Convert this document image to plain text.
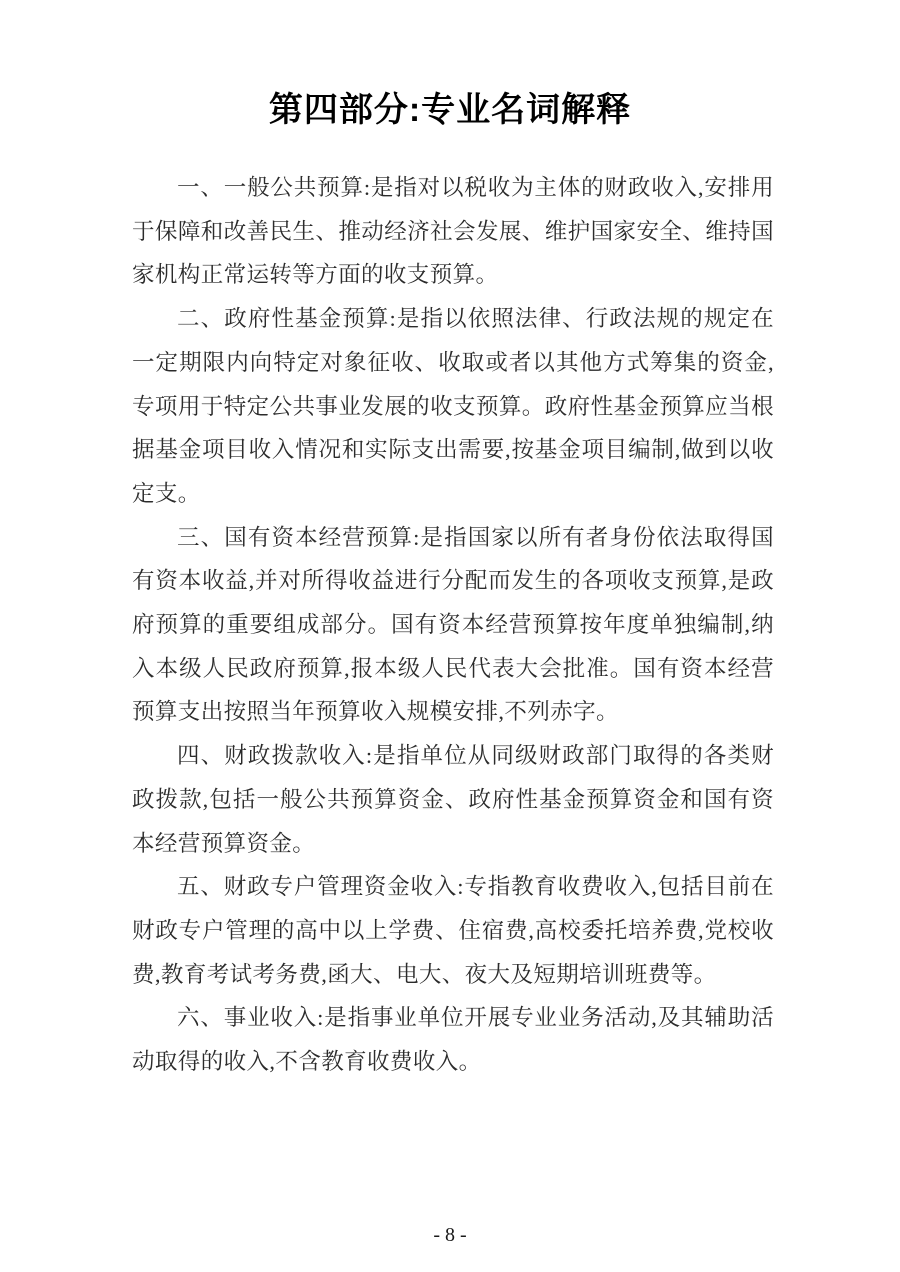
第四部分:专业名词解释

一、一般公共预算:是指对以税收为主体的财政收入,安排用于保障和改善民生、推动经济社会发展、维护国家安全、维持国家机构正常运转等方面的收支预算。

二、政府性基金预算:是指以依照法律、行政法规的规定在一定期限内向特定对象征收、收取或者以其他方式筹集的资金,专项用于特定公共事业发展的收支预算。政府性基金预算应当根据基金项目收入情况和实际支出需要,按基金项目编制,做到以收定支。

三、国有资本经营预算:是指国家以所有者身份依法取得国有资本收益,并对所得收益进行分配而发生的各项收支预算,是政府预算的重要组成部分。国有资本经营预算按年度单独编制,纳入本级人民政府预算,报本级人民代表大会批准。国有资本经营预算支出按照当年预算收入规模安排,不列赤字。

四、财政拨款收入:是指单位从同级财政部门取得的各类财政拨款,包括一般公共预算资金、政府性基金预算资金和国有资本经营预算资金。

五、财政专户管理资金收入:专指教育收费收入,包括目前在财政专户管理的高中以上学费、住宿费,高校委托培养费,党校收费,教育考试考务费,函大、电大、夜大及短期培训班费等。

六、事业收入:是指事业单位开展专业业务活动,及其辅助活动取得的收入,不含教育收费收入。

- 8 -
